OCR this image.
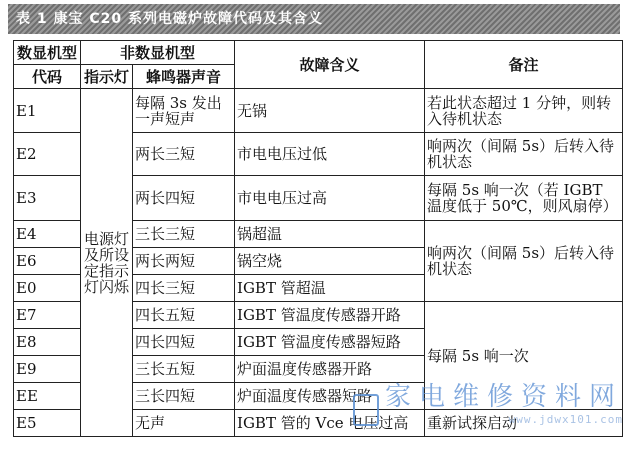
表 1 康宝 C20 系列电磁炉故障代码及其含义
数显机型	非数显机型		故障含义	备注
代码	指示灯	蜂鸣器声音		
E1	电源灯及所设定指示灯闪烁	每隔 3s 发出一声短声	无锅	若此状态超过 1 分钟，则转入待机状态
E2		两长三短	市电电压过低	响两次（间隔 5s）后转入待机状态
E3		两长四短	市电电压过高	每隔 5s 响一次（若 IGBT 温度低于 50℃，则风扇停）
E4		三长三短	锅超温	响两次（间隔 5s）后转入待机状态
E6		两长两短	锅空烧	
E0		四长三短	IGBT 管超温	
E7		四长五短	IGBT 管温度传感器开路	每隔 5s 响一次
E8		四长四短	IGBT 管温度传感器短路	
E9		三长五短	炉面温度传感器开路	
EE		三长四短	炉面温度传感器短路	
E5		无声	IGBT 管的 Vce 电压过高	重新试探启动
家电维修资料网
www.jdwx101.com
